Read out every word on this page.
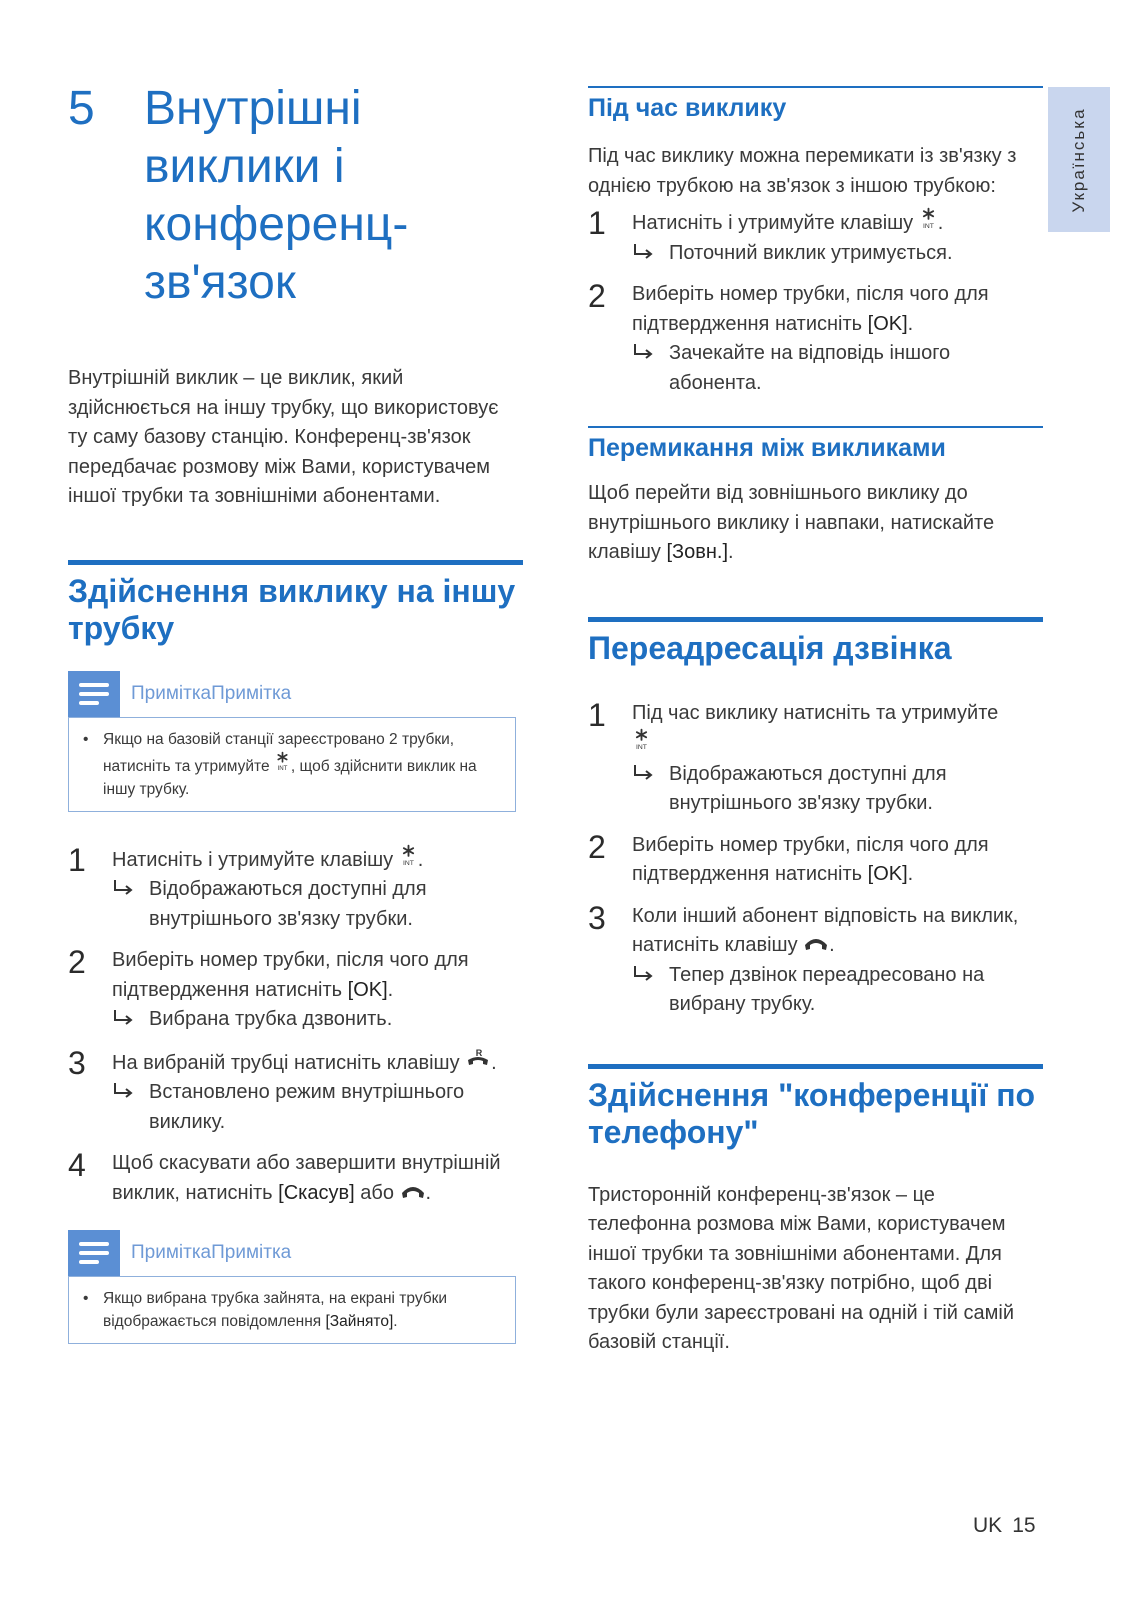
5	Внутрішні
виклики і
конференц-
зв'язок

Внутрішній виклик – це виклик, який здійснюється на іншу трубку, що використовує ту саму базову станцію. Конференц-зв'язок передбачає розмову між Вами, користувачем іншої трубки та зовнішніми абонентами.

Здійснення виклику на іншу трубку
ПриміткаПримітка
• Якщо на базовій станції зареєстровано 2 трубки, натисніть та утримуйте , щоб здійснити виклик на іншу трубку.
1	Натисніть і утримуйте клавішу .
Відображаються доступні для внутрішнього зв'язку трубки.
2	Виберіть номер трубки, після чого для підтвердження натисніть [OK].
Вибрана трубка дзвонить.
3	На вибраній трубці натисніть клавішу .
Встановлено режим внутрішнього виклику.
4	Щоб скасувати або завершити внутрішній виклик, натисніть [Скасув] або .
ПриміткаПримітка
• Якщо вибрана трубка зайнята, на екрані трубки відображається повідомлення [Зайнято].
Під час виклику

Під час виклику можна перемикати із зв'язку з однією трубкою на зв'язок з іншою трубкою:

1	Натисніть і утримуйте клавішу .
Поточний виклик утримується.
2	Виберіть номер трубки, після чого для підтвердження натисніть [OK].
Зачекайте на відповідь іншого абонента.
Перемикання між викликами

Щоб перейти від зовнішнього виклику до внутрішнього виклику і навпаки, натискайте клавішу [Зовн.].

Переадресація дзвінка
1	Під час виклику натисніть та утримуйте

Відображаються доступні для внутрішнього зв'язку трубки.
2	Виберіть номер трубки, після чого для підтвердження натисніть [OK].
3	Коли інший абонент відповість на виклик, натисніть клавішу .
Тепер дзвінок переадресовано на вибрану трубку.
Здійснення "конференції по телефону"

Тристоронній конференц-зв'язок – це телефонна розмова між Вами, користувачем іншої трубки та зовнішніми абонентами. Для такого конференц-зв'язку потрібно, щоб дві трубки були зареєстровані на одній і тій самій базовій станції.

Українська
UK 15
